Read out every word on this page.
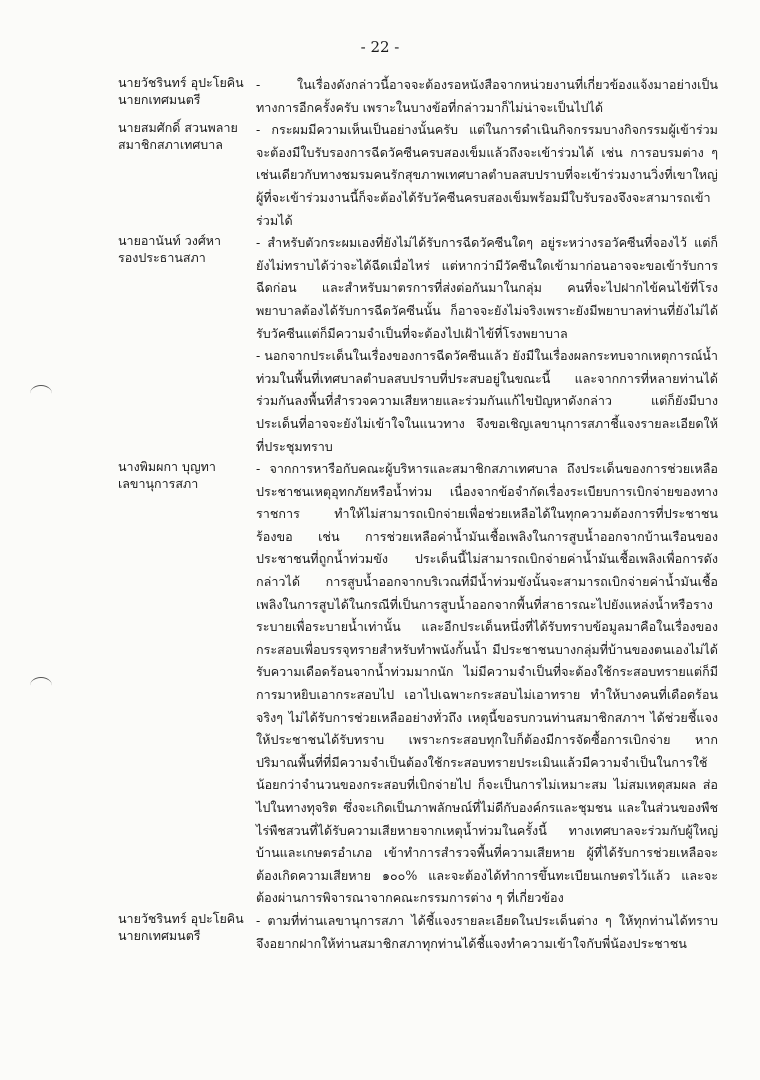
- 22 -
นายวัชรินทร์ อุปะโยคิน
นายกเทศมนตรี

- ในเรื่องดังกล่าวนี้อาจจะต้องรอหนังสือจากหน่วยงานที่เกี่ยวข้องแจ้งมาอย่างเป็นทางการอีกครั้งครับ เพราะในบางข้อที่กล่าวมาก็ไม่น่าจะเป็นไปได้

นายสมศักดิ์ สวนพลาย
สมาชิกสภาเทศบาล

- กระผมมีความเห็นเป็นอย่างนั้นครับ แต่ในการดำเนินกิจกรรมบางกิจกรรมผู้เข้าร่วมจะต้องมีใบรับรองการฉีดวัคซีนครบสองเข็มแล้วถึงจะเข้าร่วมได้ เช่น การอบรมต่าง ๆ เช่นเดียวกับทางชมรมคนรักสุขภาพเทศบาลตำบลสบปราบที่จะเข้าร่วมงานวิ่งที่เขาใหญ่ผู้ที่จะเข้าร่วมงานนี้ก็จะต้องได้รับวัคซีนครบสองเข็มพร้อมมีใบรับรองจึงจะสามารถเข้าร่วมได้

นายอานันท์ วงศ์หา
รองประธานสภา

- สำหรับตัวกระผมเองที่ยังไม่ได้รับการฉีดวัคซีนใดๆ อยู่ระหว่างรอวัคซีนที่จองไว้ แต่ก็ยังไม่ทราบได้ว่าจะได้ฉีดเมื่อไหร่ แต่หากว่ามีวัคซีนใดเข้ามาก่อนอาจจะขอเข้ารับการฉีดก่อน และสำหรับมาตรการที่ส่งต่อกันมาในกลุ่ม คนที่จะไปฝากไข้คนไข้ที่โรงพยาบาลต้องได้รับการฉีดวัคซีนนั้น ก็อาจจะยังไม่จริงเพราะยังมีพยาบาลท่านที่ยังไม่ได้รับวัคซีนแต่ก็มีความจำเป็นที่จะต้องไปเฝ้าไข้ที่โรงพยาบาล

- นอกจากประเด็นในเรื่องของการฉีดวัคซีนแล้ว ยังมีในเรื่องผลกระทบจากเหตุการณ์น้ำท่วมในพื้นที่เทศบาลตำบลสบปราบที่ประสบอยู่ในขณะนี้ และจากการที่หลายท่านได้ร่วมกันลงพื้นที่สำรวจความเสียหายและร่วมกันแก้ไขปัญหาดังกล่าว แต่ก็ยังมีบางประเด็นที่อาจจะยังไม่เข้าใจในแนวทาง จึงขอเชิญเลขานุการสภาชี้แจงรายละเอียดให้ที่ประชุมทราบ

นางพิมผกา บุญทา
เลขานุการสภา

- จากการหารือกับคณะผู้บริหารและสมาชิกสภาเทศบาล ถึงประเด็นของการช่วยเหลือประชาชนเหตุอุทกภัยหรือน้ำท่วม เนื่องจากข้อจำกัดเรื่องระเบียบการเบิกจ่ายของทางราชการ ทำให้ไม่สามารถเบิกจ่ายเพื่อช่วยเหลือได้ในทุกความต้องการที่ประชาชนร้องขอ เช่น การช่วยเหลือค่าน้ำมันเชื้อเพลิงในการสูบน้ำออกจากบ้านเรือนของประชาชนที่ถูกน้ำท่วมขัง ประเด็นนี้ไม่สามารถเบิกจ่ายค่าน้ำมันเชื้อเพลิงเพื่อการดังกล่าวได้ การสูบน้ำออกจากบริเวณที่มีน้ำท่วมขังนั้นจะสามารถเบิกจ่ายค่าน้ำมันเชื้อเพลิงในการสูบได้ในกรณีที่เป็นการสูบน้ำออกจากพื้นที่สาธารณะไปยังแหล่งน้ำหรือรางระบายเพื่อระบายน้ำเท่านั้น และอีกประเด็นหนึ่งที่ได้รับทราบข้อมูลมาคือในเรื่องของกระสอบเพื่อบรรจุทรายสำหรับทำพนังกั้นน้ำ มีประชาชนบางกลุ่มที่บ้านของตนเองไม่ได้รับความเดือดร้อนจากน้ำท่วมมากนัก ไม่มีความจำเป็นที่จะต้องใช้กระสอบทรายแต่ก็มีการมาหยิบเอากระสอบไป เอาไปเฉพาะกระสอบไม่เอาทราย ทำให้บางคนที่เดือดร้อนจริงๆ ไม่ได้รับการช่วยเหลืออย่างทั่วถึง เหตุนี้ขอรบกวนท่านสมาชิกสภาฯ ได้ช่วยชี้แจงให้ประชาชนได้รับทราบ เพราะกระสอบทุกใบก็ต้องมีการจัดซื้อการเบิกจ่าย หากปริมาณพื้นที่ที่มีความจำเป็นต้องใช้กระสอบทรายประเมินแล้วมีความจำเป็นในการใช้น้อยกว่าจำนวนของกระสอบที่เบิกจ่ายไป ก็จะเป็นการไม่เหมาะสม ไม่สมเหตุสมผล ส่อไปในทางทุจริต ซึ่งจะเกิดเป็นภาพลักษณ์ที่ไม่ดีกับองค์กรและชุมชน และในส่วนของพืชไร่พืชสวนที่ได้รับความเสียหายจากเหตุน้ำท่วมในครั้งนี้ ทางเทศบาลจะร่วมกับผู้ใหญ่บ้านและเกษตรอำเภอ เข้าทำการสำรวจพื้นที่ความเสียหาย ผู้ที่ได้รับการช่วยเหลือจะต้องเกิดความเสียหาย ๑๐๐% และจะต้องได้ทำการขึ้นทะเบียนเกษตรไว้แล้ว และจะต้องผ่านการพิจารณาจากคณะกรรมการต่าง ๆ ที่เกี่ยวข้อง

นายวัชรินทร์ อุปะโยคิน
นายกเทศมนตรี

- ตามที่ท่านเลขานุการสภา ได้ชี้แจงรายละเอียดในประเด็นต่าง ๆ ให้ทุกท่านได้ทราบ จึงอยากฝากให้ท่านสมาชิกสภาทุกท่านได้ชี้แจงทำความเข้าใจกับพี่น้องประชาชน
